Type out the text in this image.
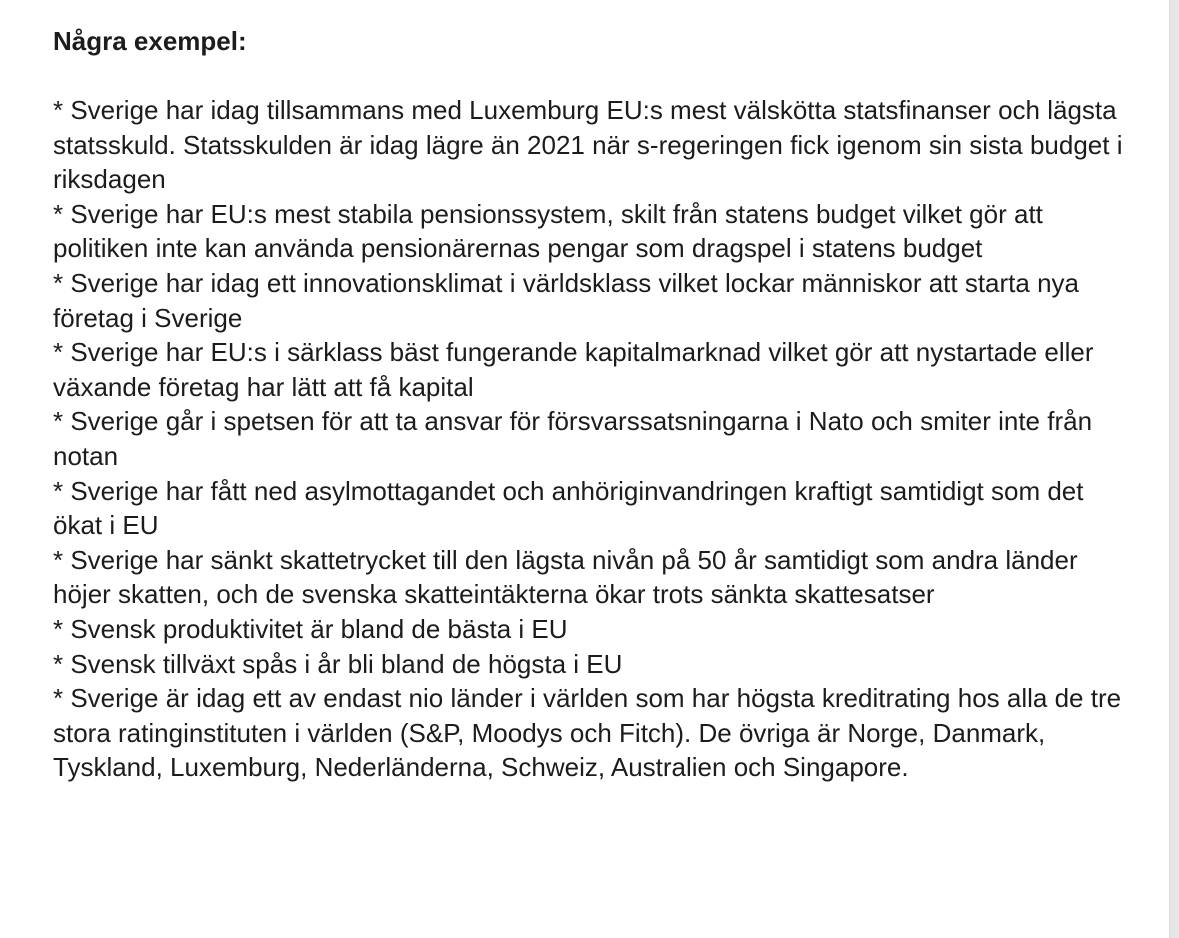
Några exempel:

* Sverige har idag tillsammans med Luxemburg EU:s mest välskötta statsfinanser och lägsta statsskuld. Statsskulden är idag lägre än 2021 när s-regeringen fick igenom sin sista budget i riksdagen

* Sverige har EU:s mest stabila pensionssystem, skilt från statens budget vilket gör att politiken inte kan använda pensionärernas pengar som dragspel i statens budget

* Sverige har idag ett innovationsklimat i världsklass vilket lockar människor att starta nya företag i Sverige

* Sverige har EU:s i särklass bäst fungerande kapitalmarknad vilket gör att nystartade eller växande företag har lätt att få kapital

* Sverige går i spetsen för att ta ansvar för försvarssatsningarna i Nato och smiter inte från notan

* Sverige har fått ned asylmottagandet och anhöriginvandringen kraftigt samtidigt som det ökat i EU

* Sverige har sänkt skattetrycket till den lägsta nivån på 50 år samtidigt som andra länder höjer skatten, och de svenska skatteintäkterna ökar trots sänkta skattesatser

* Svensk produktivitet är bland de bästa i EU

* Svensk tillväxt spås i år bli bland de högsta i EU

* Sverige är idag ett av endast nio länder i världen som har högsta kreditrating hos alla de tre stora ratinginstituten i världen (S&P, Moodys och Fitch). De övriga är Norge, Danmark, Tyskland, Luxemburg, Nederländerna, Schweiz, Australien och Singapore.
